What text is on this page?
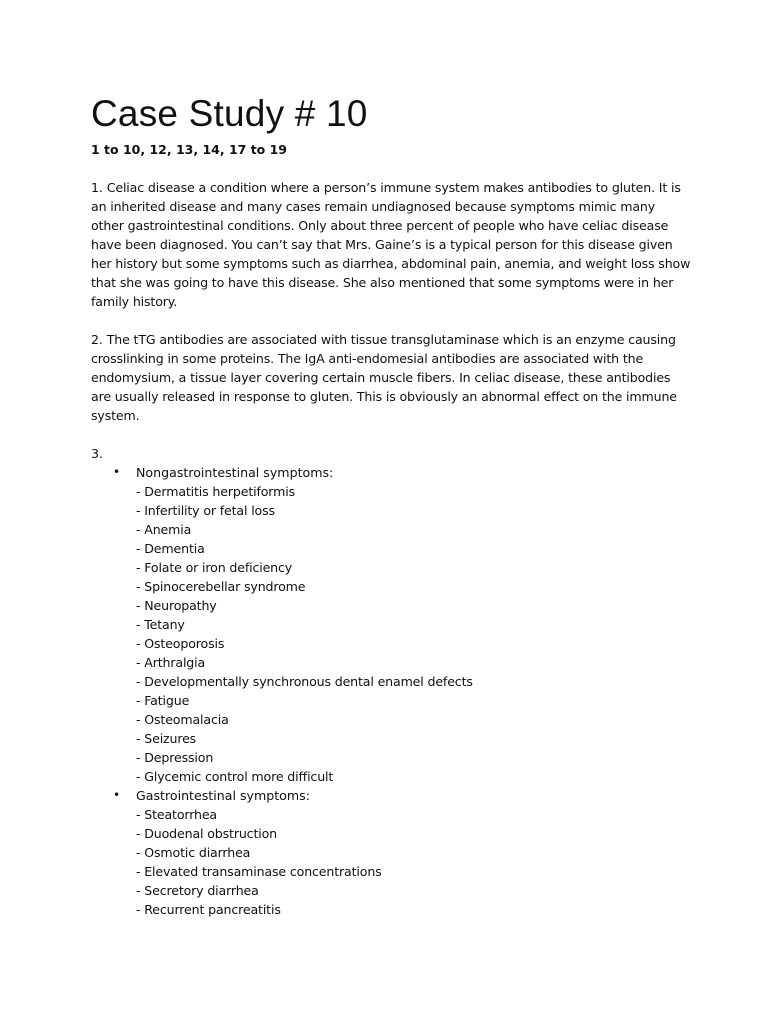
Case Study # 10

1 to 10, 12, 13, 14, 17 to 19

1. Celiac disease a condition where a person’s immune system makes antibodies to gluten. It is an inherited disease and many cases remain undiagnosed because symptoms mimic many other gastrointestinal conditions. Only about three percent of people who have celiac disease have been diagnosed. You can’t say that Mrs. Gaine’s is a typical person for this disease given her history but some symptoms such as diarrhea, abdominal pain, anemia, and weight loss show that she was going to have this disease. She also mentioned that some symptoms were in her family history.

2. The tTG antibodies are associated with tissue transglutaminase which is an enzyme causing crosslinking in some proteins. The IgA anti-endomesial antibodies are associated with the endomysium, a tissue layer covering certain muscle fibers. In celiac disease, these antibodies are usually released in response to gluten. This is obviously an abnormal effect on the immune system.

3.

• Nongastrointestinal symptoms:
- Dermatitis herpetiformis
- Infertility or fetal loss
- Anemia
- Dementia
- Folate or iron deficiency
- Spinocerebellar syndrome
- Neuropathy
- Tetany
- Osteoporosis
- Arthralgia
- Developmentally synchronous dental enamel defects
- Fatigue
- Osteomalacia
- Seizures
- Depression
- Glycemic control more difficult
• Gastrointestinal symptoms:
- Steatorrhea
- Duodenal obstruction
- Osmotic diarrhea
- Elevated transaminase concentrations
- Secretory diarrhea
- Recurrent pancreatitis
